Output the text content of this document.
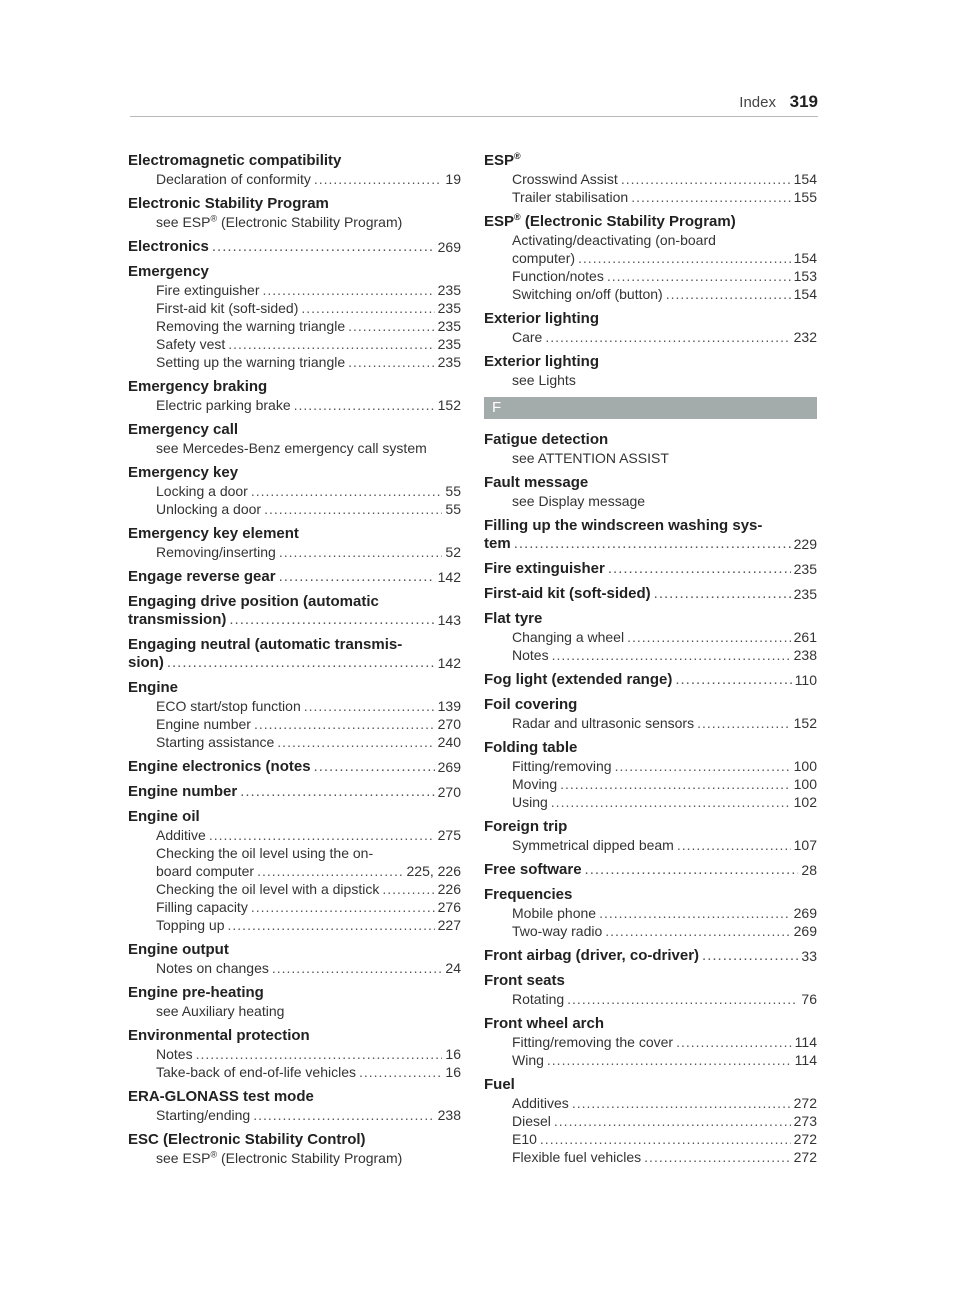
Index 319
Electromagnetic compatibility
Declaration of conformity .....	19
Electronic Stability Program
see ESP® (Electronic Stability Program)
Electronics .....	269
Emergency
Fire extinguisher .....	235
First-aid kit (soft-sided) .....	235
Removing the warning triangle .....	235
Safety vest .....	235
Setting up the warning triangle .....	235
Emergency braking
Electric parking brake .....	152
Emergency call
see Mercedes-Benz emergency call system
Emergency key
Locking a door .....	55
Unlocking a door .....	55
Emergency key element
Removing/inserting .....	52
Engage reverse gear .....	142
Engaging drive position (automatic
transmission) .....	143
Engaging neutral (automatic transmis-
sion) .....	142
Engine
ECO start/stop function .....	139
Engine number .....	270
Starting assistance .....	240
Engine electronics (notes .....	269
Engine number .....	270
Engine oil
Additive .....	275
Checking the oil level using the on-
board computer .....	225, 226
Checking the oil level with a dipstick .....	226
Filling capacity .....	276
Topping up .....	227
Engine output
Notes on changes .....	24
Engine pre-heating
see Auxiliary heating
Environmental protection
Notes .....	16
Take-back of end-of-life vehicles .....	16
ERA-GLONASS test mode
Starting/ending .....	238
ESC (Electronic Stability Control)
see ESP® (Electronic Stability Program)
ESP®
Crosswind Assist .....	154
Trailer stabilisation .....	155
ESP® (Electronic Stability Program)
Activating/deactivating (on-board
computer) .....	154
Function/notes .....	153
Switching on/off (button) .....	154
Exterior lighting
Care .....	232
Exterior lighting
see Lights
F
Fatigue detection
see ATTENTION ASSIST
Fault message
see Display message
Filling up the windscreen washing sys-
tem .....	229
Fire extinguisher .....	235
First-aid kit (soft-sided) .....	235
Flat tyre
Changing a wheel .....	261
Notes .....	238
Fog light (extended range) .....	110
Foil covering
Radar and ultrasonic sensors .....	152
Folding table
Fitting/removing .....	100
Moving .....	100
Using .....	102
Foreign trip
Symmetrical dipped beam .....	107
Free software .....	28
Frequencies
Mobile phone .....	269
Two-way radio .....	269
Front airbag (driver, co-driver) .....	33
Front seats
Rotating .....	76
Front wheel arch
Fitting/removing the cover .....	114
Wing .....	114
Fuel
Additives .....	272
Diesel .....	273
E10 .....	272
Flexible fuel vehicles .....	272
